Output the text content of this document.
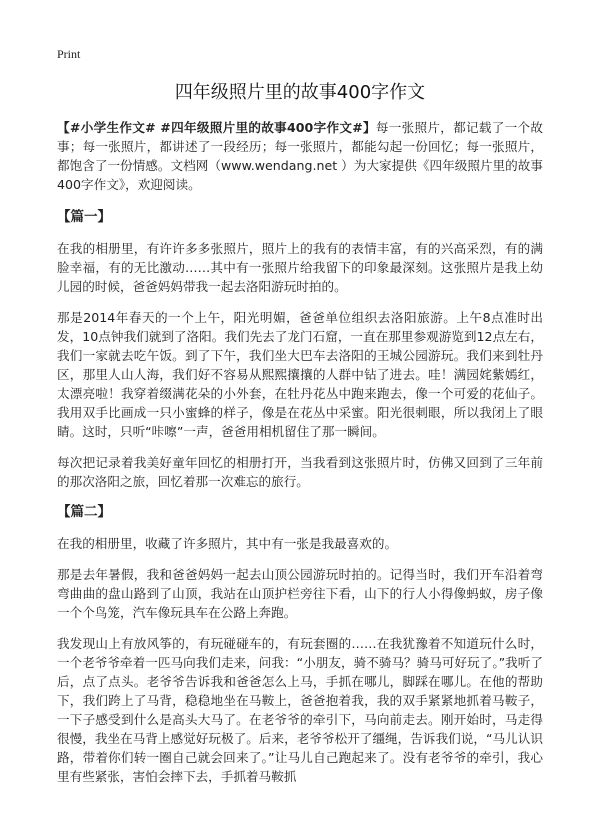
Print
四年级照片里的故事400字作文

【#小学生作文# #四年级照片里的故事400字作文#】每一张照片，都记载了一个故事；每一张照片，都讲述了一段经历；每一张照片，都能勾起一份回忆；每一张照片，都饱含了一份情感。文档网（www.wendang.net ）为大家提供《四年级照片里的故事400字作文》，欢迎阅读。

【篇一】

在我的相册里，有许许多多张照片，照片上的我有的表情丰富，有的兴高采烈，有的满脸幸福，有的无比激动……其中有一张照片给我留下的印象最深刻。这张照片是我上幼儿园的时候，爸爸妈妈带我一起去洛阳游玩时拍的。

那是2014年春天的一个上午，阳光明媚，爸爸单位组织去洛阳旅游。上午8点准时出发，10点钟我们就到了洛阳。我们先去了龙门石窟，一直在那里参观游览到12点左右，我们一家就去吃午饭。到了下午，我们坐大巴车去洛阳的王城公园游玩。我们来到牡丹区，那里人山人海，我们好不容易从熙熙攘攘的人群中钻了进去。哇！满园姹紫嫣红，太漂亮啦！我穿着缀满花朵的小外套，在牡丹花丛中跑来跑去，像一个可爱的花仙子。我用双手比画成一只小蜜蜂的样子，像是在花丛中采蜜。阳光很刺眼，所以我闭上了眼睛。这时，只听“咔嚓”一声，爸爸用相机留住了那一瞬间。

每次把记录着我美好童年回忆的相册打开，当我看到这张照片时，仿佛又回到了三年前的那次洛阳之旅，回忆着那一次难忘的旅行。

【篇二】

在我的相册里，收藏了许多照片，其中有一张是我最喜欢的。

那是去年暑假，我和爸爸妈妈一起去山顶公园游玩时拍的。记得当时，我们开车沿着弯弯曲曲的盘山路到了山顶，我站在山顶护栏旁往下看，山下的行人小得像蚂蚁，房子像一个个鸟笼，汽车像玩具车在公路上奔跑。

我发现山上有放风筝的，有玩碰碰车的，有玩套圈的……在我犹豫着不知道玩什么时，一个老爷爷牵着一匹马向我们走来，问我：“小朋友，骑不骑马？骑马可好玩了。”我听了后，点了点头。老爷爷告诉我和爸爸怎么上马，手抓在哪儿，脚踩在哪儿。在他的帮助下，我们跨上了马背，稳稳地坐在马鞍上，爸爸抱着我，我的双手紧紧地抓着马鞍子，一下子感受到什么是高头大马了。在老爷爷的牵引下，马向前走去。刚开始时，马走得很慢，我坐在马背上感觉好玩极了。后来，老爷爷松开了缰绳，告诉我们说，“马儿认识路，带着你们转一圈自己就会回来了。”让马儿自己跑起来了。没有老爷爷的牵引，我心里有些紧张，害怕会摔下去，手抓着马鞍抓
